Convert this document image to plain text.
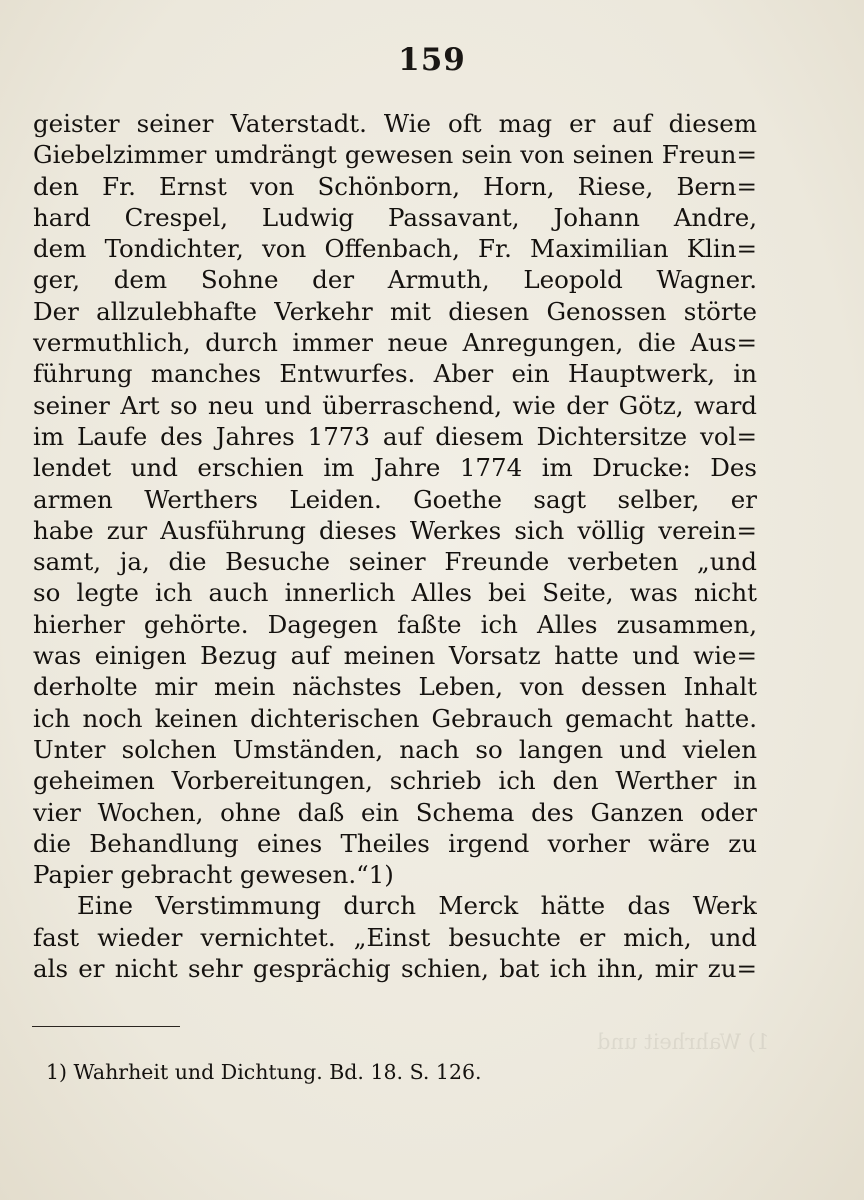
159
geister seiner Vaterstadt. Wie oft mag er auf diesem
Giebelzimmer umdrängt gewesen sein von seinen Freun=
den Fr. Ernst von Schönborn, Horn, Riese, Bern=
hard Crespel, Ludwig Passavant, Johann Andre,
dem Tondichter, von Offenbach, Fr. Maximilian Klin=
ger, dem Sohne der Armuth, Leopold Wagner.
Der allzulebhafte Verkehr mit diesen Genossen störte
vermuthlich, durch immer neue Anregungen, die Aus=
führung manches Entwurfes. Aber ein Hauptwerk, in
seiner Art so neu und überraschend, wie der Götz, ward
im Laufe des Jahres 1773 auf diesem Dichtersitze vol=
lendet und erschien im Jahre 1774 im Drucke: Des
armen Werthers Leiden. Goethe sagt selber, er
habe zur Ausführung dieses Werkes sich völlig verein=
samt, ja, die Besuche seiner Freunde verbeten „und
so legte ich auch innerlich Alles bei Seite, was nicht
hierher gehörte. Dagegen faßte ich Alles zusammen,
was einigen Bezug auf meinen Vorsatz hatte und wie=
derholte mir mein nächstes Leben, von dessen Inhalt
ich noch keinen dichterischen Gebrauch gemacht hatte.
Unter solchen Umständen, nach so langen und vielen
geheimen Vorbereitungen, schrieb ich den Werther in
vier Wochen, ohne daß ein Schema des Ganzen oder
die Behandlung eines Theiles irgend vorher wäre zu
Papier gebracht gewesen.“1)
Eine Verstimmung durch Merck hätte das Werk
fast wieder vernichtet. „Einst besuchte er mich, und
als er nicht sehr gesprächig schien, bat ich ihn, mir zu=
1) Wahrheit und Dichtung. Bd. 18. S. 126.
1) Wahrheit und
